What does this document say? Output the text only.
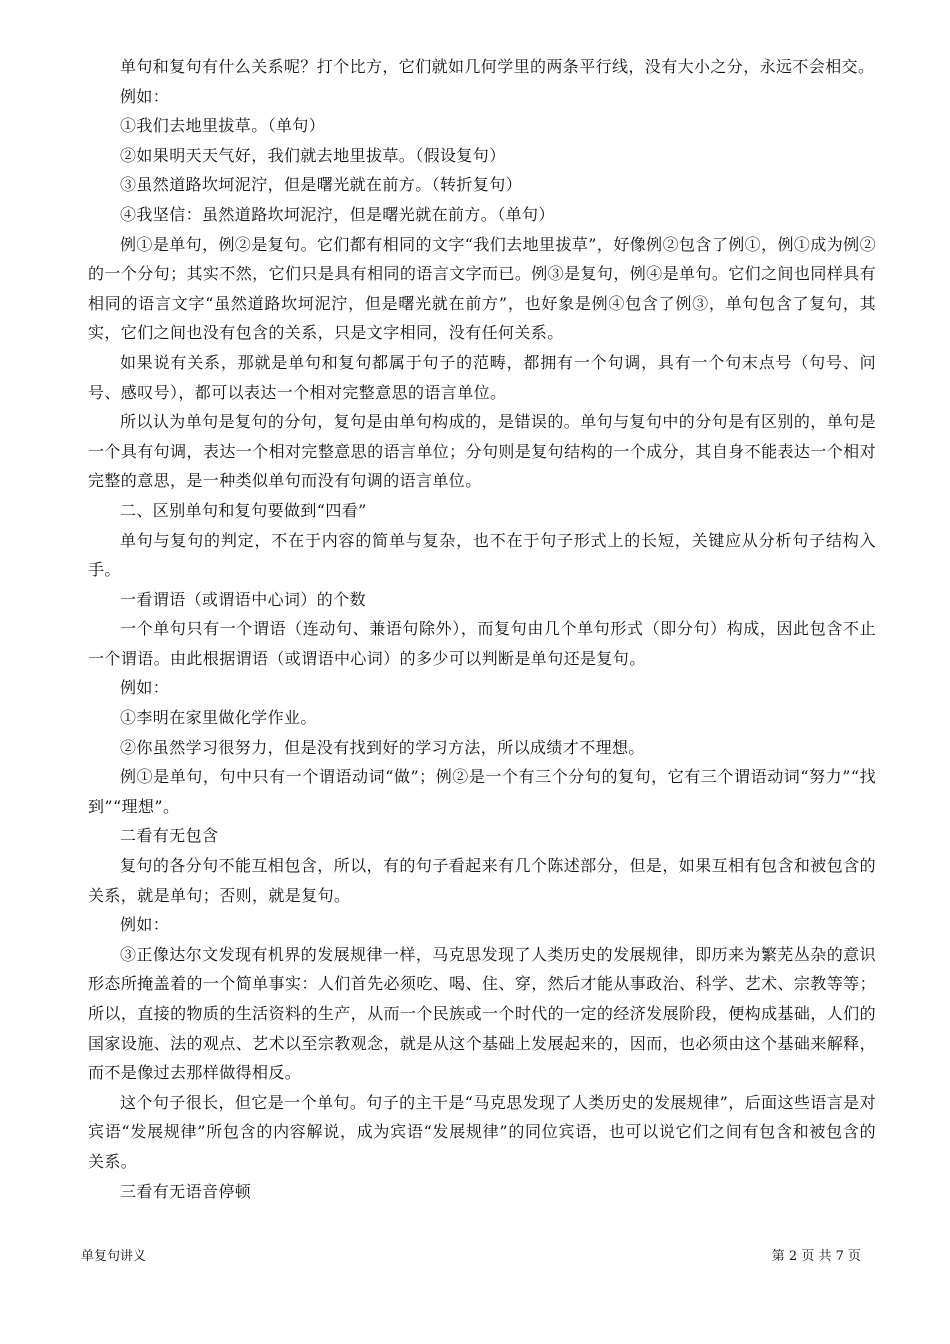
单句和复句有什么关系呢？打个比方，它们就如几何学里的两条平行线，没有大小之分，永远不会相交。

例如：

①我们去地里拔草。（单句）

②如果明天天气好，我们就去地里拔草。（假设复句）

③虽然道路坎坷泥泞，但是曙光就在前方。（转折复句）

④我坚信：虽然道路坎坷泥泞，但是曙光就在前方。（单句）

例①是单句，例②是复句。它们都有相同的文字“我们去地里拔草”，好像例②包含了例①，例①成为例②的一个分句；其实不然，它们只是具有相同的语言文字而已。例③是复句，例④是单句。它们之间也同样具有相同的语言文字“虽然道路坎坷泥泞，但是曙光就在前方”，也好象是例④包含了例③，单句包含了复句，其实，它们之间也没有包含的关系，只是文字相同，没有任何关系。

如果说有关系，那就是单句和复句都属于句子的范畴，都拥有一个句调，具有一个句末点号（句号、问号、感叹号），都可以表达一个相对完整意思的语言单位。

所以认为单句是复句的分句，复句是由单句构成的，是错误的。单句与复句中的分句是有区别的，单句是一个具有句调，表达一个相对完整意思的语言单位；分句则是复句结构的一个成分，其自身不能表达一个相对完整的意思，是一种类似单句而没有句调的语言单位。

二、区别单句和复句要做到“四看”

单句与复句的判定，不在于内容的简单与复杂，也不在于句子形式上的长短，关键应从分析句子结构入手。

一看谓语（或谓语中心词）的个数

一个单句只有一个谓语（连动句、兼语句除外），而复句由几个单句形式（即分句）构成，因此包含不止一个谓语。由此根据谓语（或谓语中心词）的多少可以判断是单句还是复句。

例如：

①李明在家里做化学作业。

②你虽然学习很努力，但是没有找到好的学习方法，所以成绩才不理想。

例①是单句，句中只有一个谓语动词“做”；例②是一个有三个分句的复句，它有三个谓语动词“努力”“找到”“理想”。

二看有无包含

复句的各分句不能互相包含，所以，有的句子看起来有几个陈述部分，但是，如果互相有包含和被包含的关系，就是单句；否则，就是复句。

例如：

③正像达尔文发现有机界的发展规律一样，马克思发现了人类历史的发展规律，即历来为繁芜丛杂的意识形态所掩盖着的一个简单事实：人们首先必须吃、喝、住、穿，然后才能从事政治、科学、艺术、宗教等等；所以，直接的物质的生活资料的生产，从而一个民族或一个时代的一定的经济发展阶段，便构成基础，人们的国家设施、法的观点、艺术以至宗教观念，就是从这个基础上发展起来的，因而，也必须由这个基础来解释，而不是像过去那样做得相反。

这个句子很长，但它是一个单句。句子的主干是“马克思发现了人类历史的发展规律”，后面这些语言是对宾语“发展规律”所包含的内容解说，成为宾语“发展规律”的同位宾语，也可以说它们之间有包含和被包含的关系。

三看有无语音停顿

单复句讲义	第 2 页 共 7 页
